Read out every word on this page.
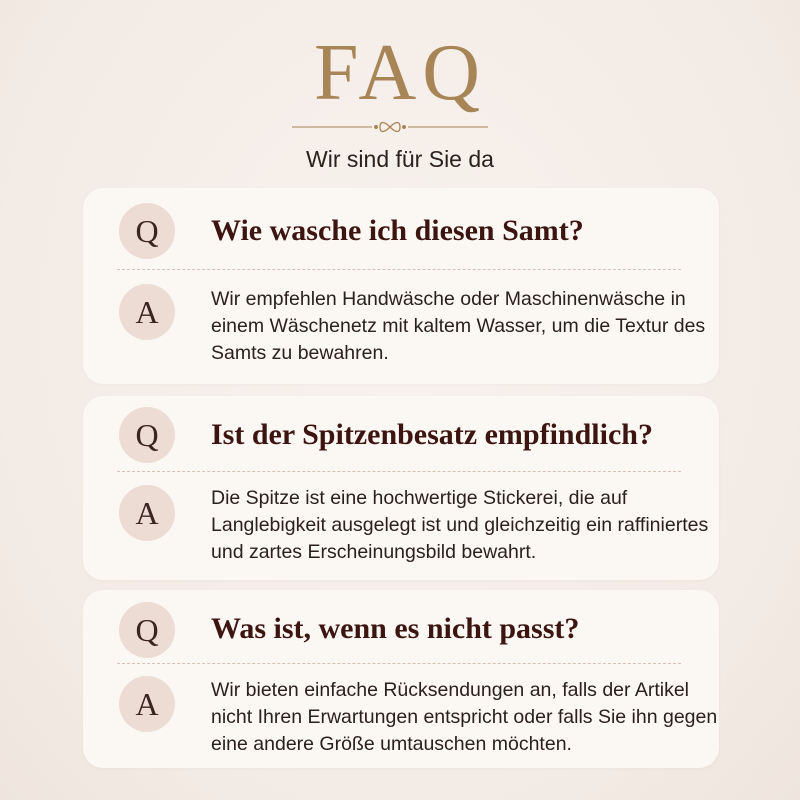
FAQ
Wir sind für Sie da
Q	Wie wasche ich diesen Samt?
A	Wir empfehlen Handwäsche oder Maschinenwäsche in einem Wäschenetz mit kaltem Wasser, um die Textur des Samts zu bewahren.
Q	Ist der Spitzenbesatz empfindlich?
A	Die Spitze ist eine hochwertige Stickerei, die auf Langlebigkeit ausgelegt ist und gleichzeitig ein raffiniertes und zartes Erscheinungsbild bewahrt.
Q	Was ist, wenn es nicht passt?
A	Wir bieten einfache Rücksendungen an, falls der Artikel nicht Ihren Erwartungen entspricht oder falls Sie ihn gegen eine andere Größe umtauschen möchten.
